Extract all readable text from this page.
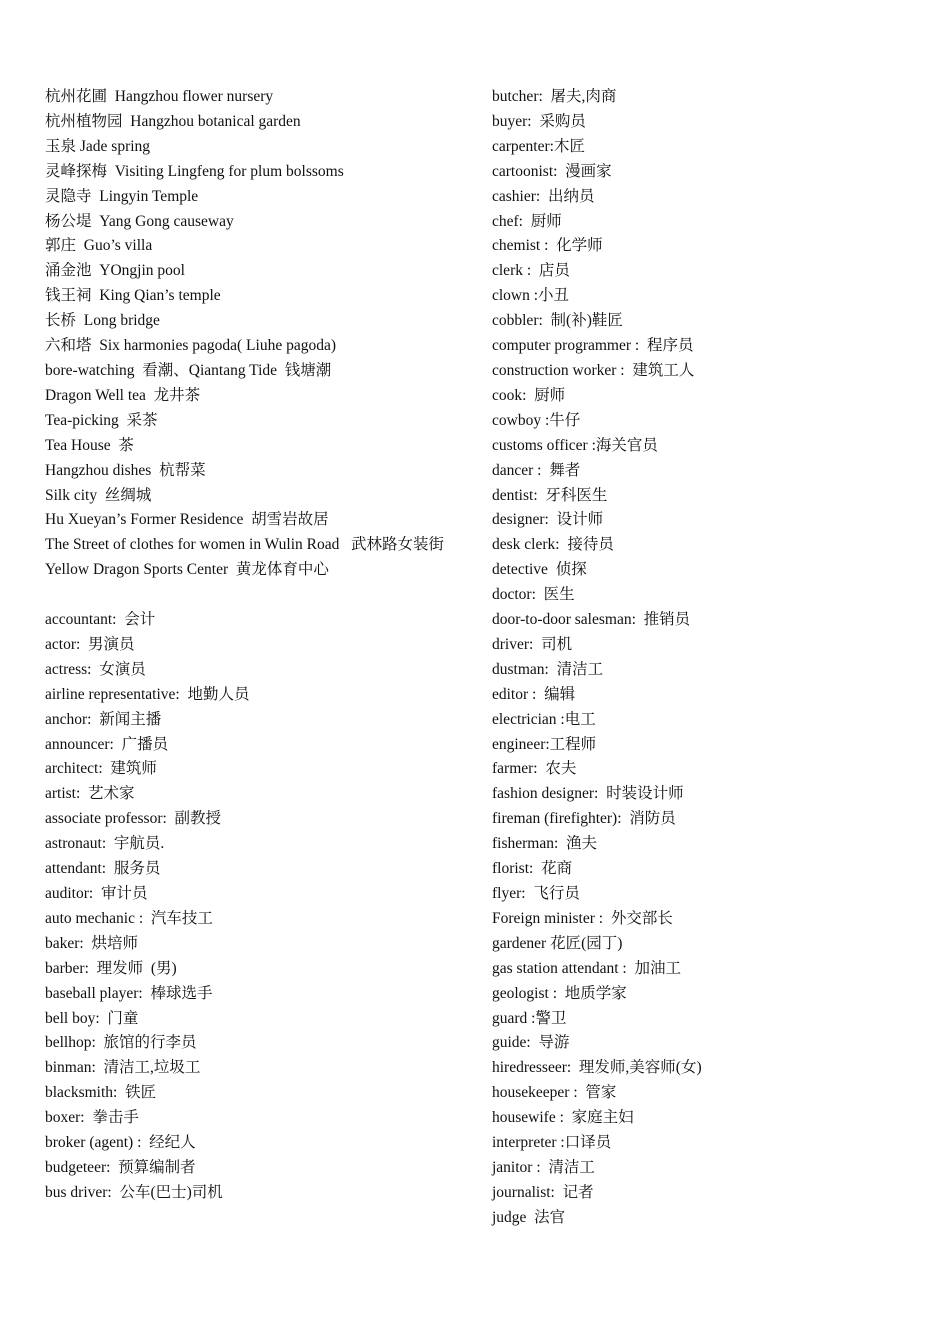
杭州花圃  Hangzhou flower nursery
杭州植物园  Hangzhou botanical garden
玉泉 Jade spring
灵峰探梅  Visiting Lingfeng for plum bolssoms
灵隐寺  Lingyin Temple
杨公堤  Yang Gong causeway
郭庄  Guo’s villa
涌金池  YOngjin pool
钱王祠  King Qian’s temple
长桥  Long bridge
六和塔  Six harmonies pagoda( Liuhe pagoda)
bore-watching  看潮、Qiantang Tide  钱塘潮
Dragon Well tea  龙井茶
Tea-picking  采茶
Tea House  茶
Hangzhou dishes  杭帮菜
Silk city  丝绸城
Hu Xueyan’s Former Residence  胡雪岩故居
The Street of clothes for women in Wulin Road   武林路女装街
Yellow Dragon Sports Center  黄龙体育中心
accountant:  会计
actor:  男演员
actress:  女演员
airline representative:  地勤人员
anchor:  新闻主播
announcer:  广播员
architect:  建筑师
artist:  艺术家
associate professor:  副教授
astronaut:  宇航员.
attendant:  服务员
auditor:  审计员
auto mechanic :  汽车技工
baker:  烘培师
barber:  理发师  (男)
baseball player:  棒球选手
bell boy:  门童
bellhop:  旅馆的行李员
binman:  清洁工,垃圾工
blacksmith:  铁匠
boxer:  拳击手
broker (agent) :  经纪人
budgeteer:  预算编制者
bus driver:  公车(巴士)司机
butcher:  屠夫,肉商
buyer:  采购员
carpenter:木匠
cartoonist:  漫画家
cashier:  出纳员
chef:  厨师
chemist :  化学师
clerk :  店员
clown :小丑
cobbler:  制(补)鞋匠
computer programmer :  程序员
construction worker :  建筑工人
cook:  厨师
cowboy :牛仔
customs officer :海关官员
dancer :  舞者
dentist:  牙科医生
designer:  设计师
desk clerk:  接待员
detective  侦探
doctor:  医生
door-to-door salesman:  推销员
driver:  司机
dustman:  清洁工
editor :  编辑
electrician :电工
engineer:工程师
farmer:  农夫
fashion designer:  时装设计师
fireman (firefighter):  消防员
fisherman:  渔夫
florist:  花商
flyer:  飞行员
Foreign minister :  外交部长
gardener 花匠(园丁)
gas station attendant :  加油工
geologist :  地质学家
guard :警卫
guide:  导游
hiredresseer:  理发师,美容师(女)
housekeeper :  管家
housewife :  家庭主妇
interpreter :口译员
janitor :  清洁工
journalist:  记者
judge  法官
